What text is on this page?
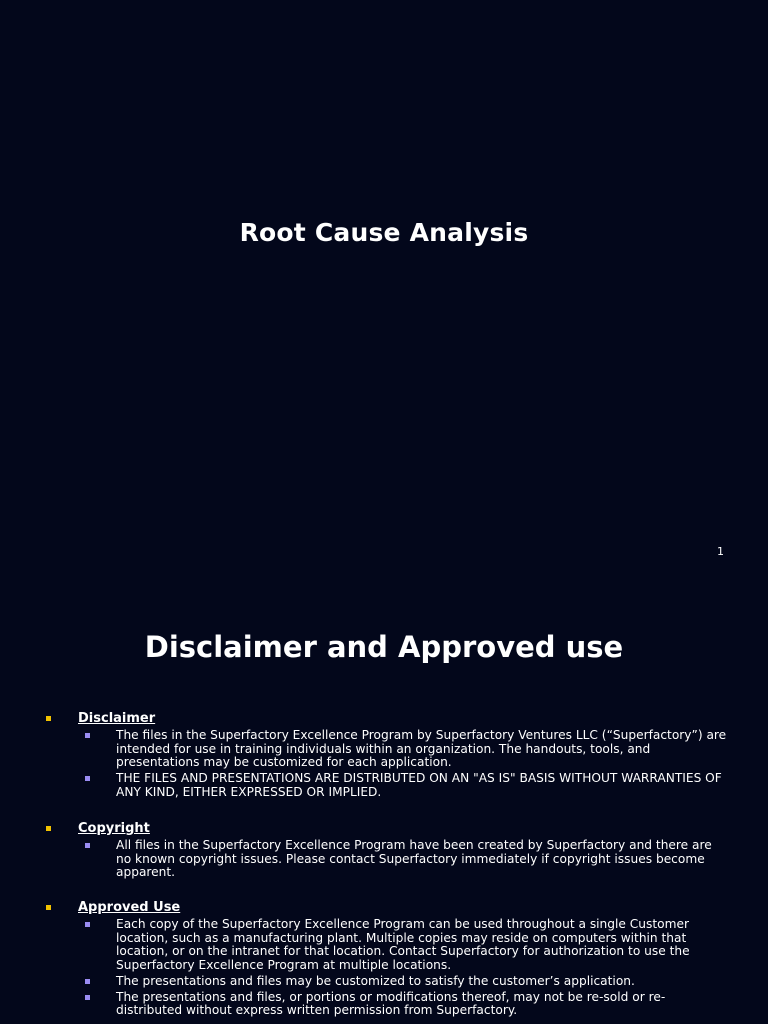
Root Cause Analysis
1
Disclaimer and Approved use
Disclaimer
The files in the Superfactory Excellence Program by Superfactory Ventures LLC (“Superfactory”) are intended for use in training individuals within an organization. The handouts, tools, and presentations may be customized for each application.
THE FILES AND PRESENTATIONS ARE DISTRIBUTED ON AN "AS IS" BASIS WITHOUT WARRANTIES OF ANY KIND, EITHER EXPRESSED OR IMPLIED.
Copyright
All files in the Superfactory Excellence Program have been created by Superfactory and there are no known copyright issues. Please contact Superfactory immediately if copyright issues become apparent.
Approved Use
Each copy of the Superfactory Excellence Program can be used throughout a single Customer location, such as a manufacturing plant. Multiple copies may reside on computers within that location, or on the intranet for that location. Contact Superfactory for authorization to use the Superfactory Excellence Program at multiple locations.
The presentations and files may be customized to satisfy the customer’s application.
The presentations and files, or portions or modifications thereof, may not be re-sold or re-distributed without express written permission from Superfactory.
